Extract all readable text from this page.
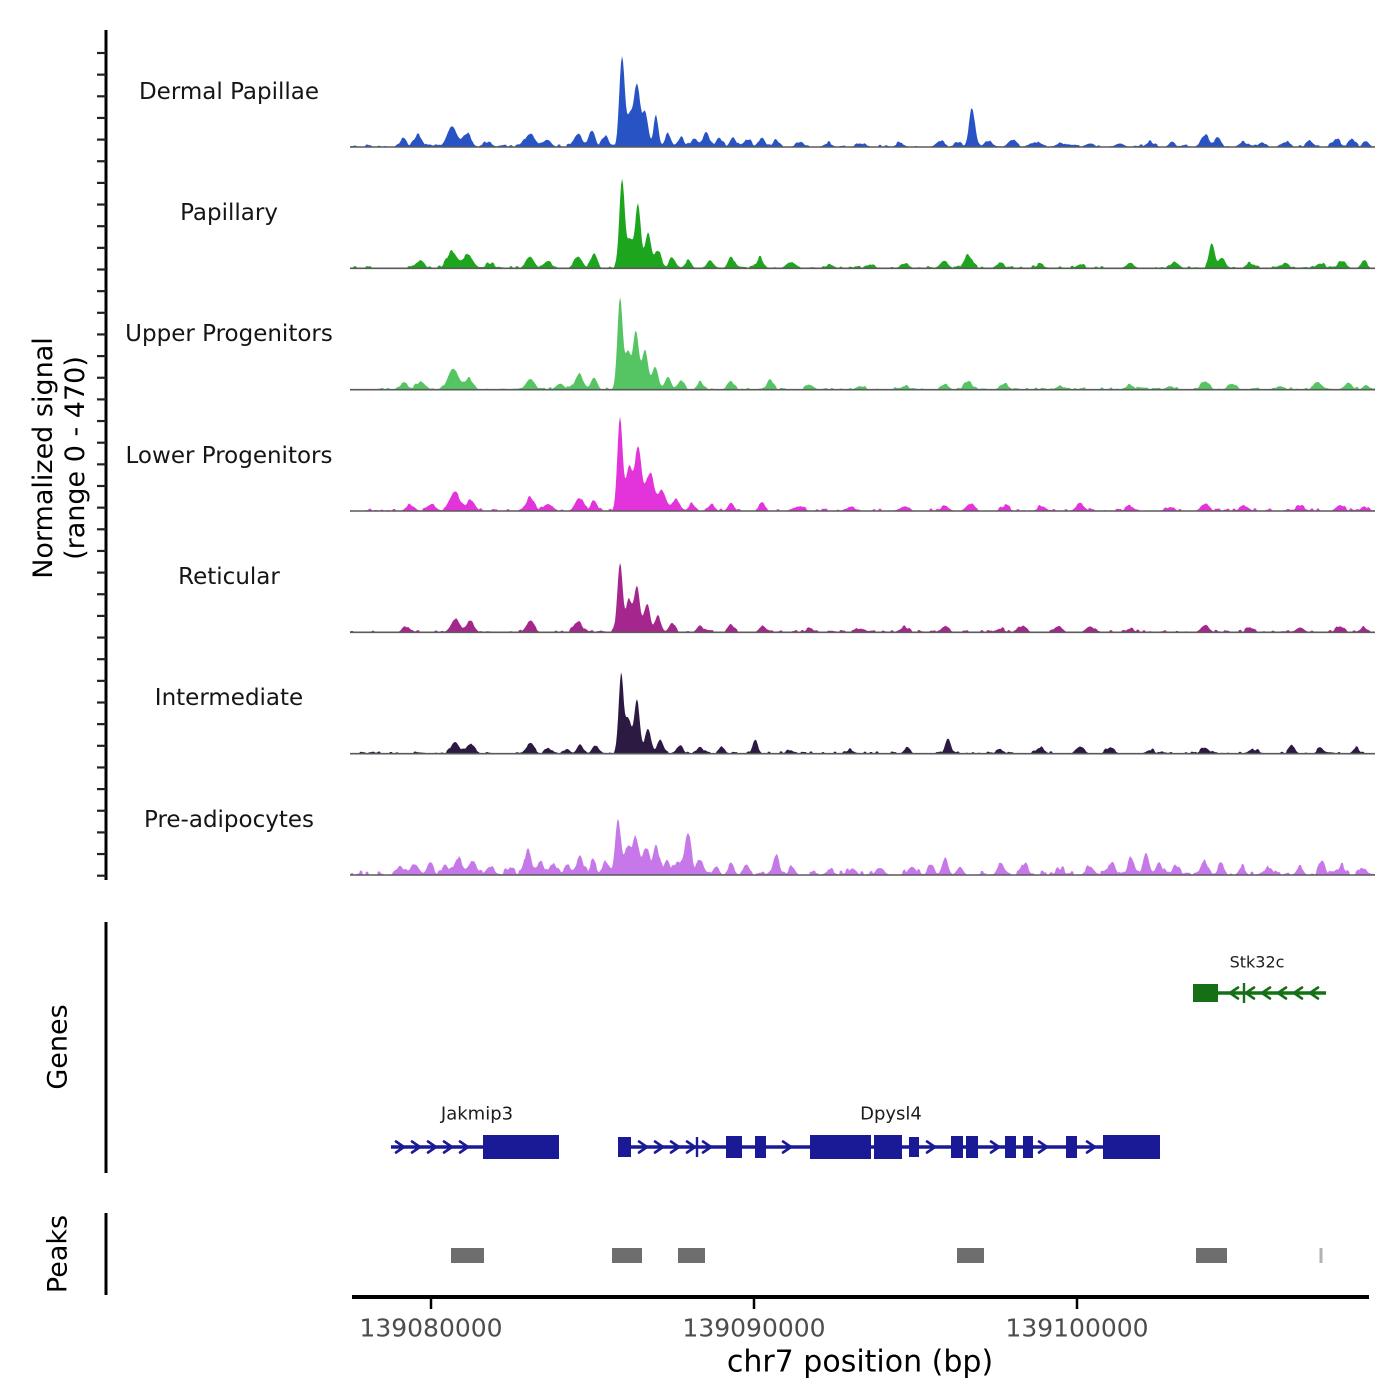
Normalized signal (range 0 - 470)
Dermal Papillae
Papillary
Upper Progenitors
Lower Progenitors
Reticular
Intermediate
Pre-adipocytes
Genes
Peaks
Jakmip3	Dpysl4
Stk32c
139080000	139090000	139100000
chr7 position (bp)
